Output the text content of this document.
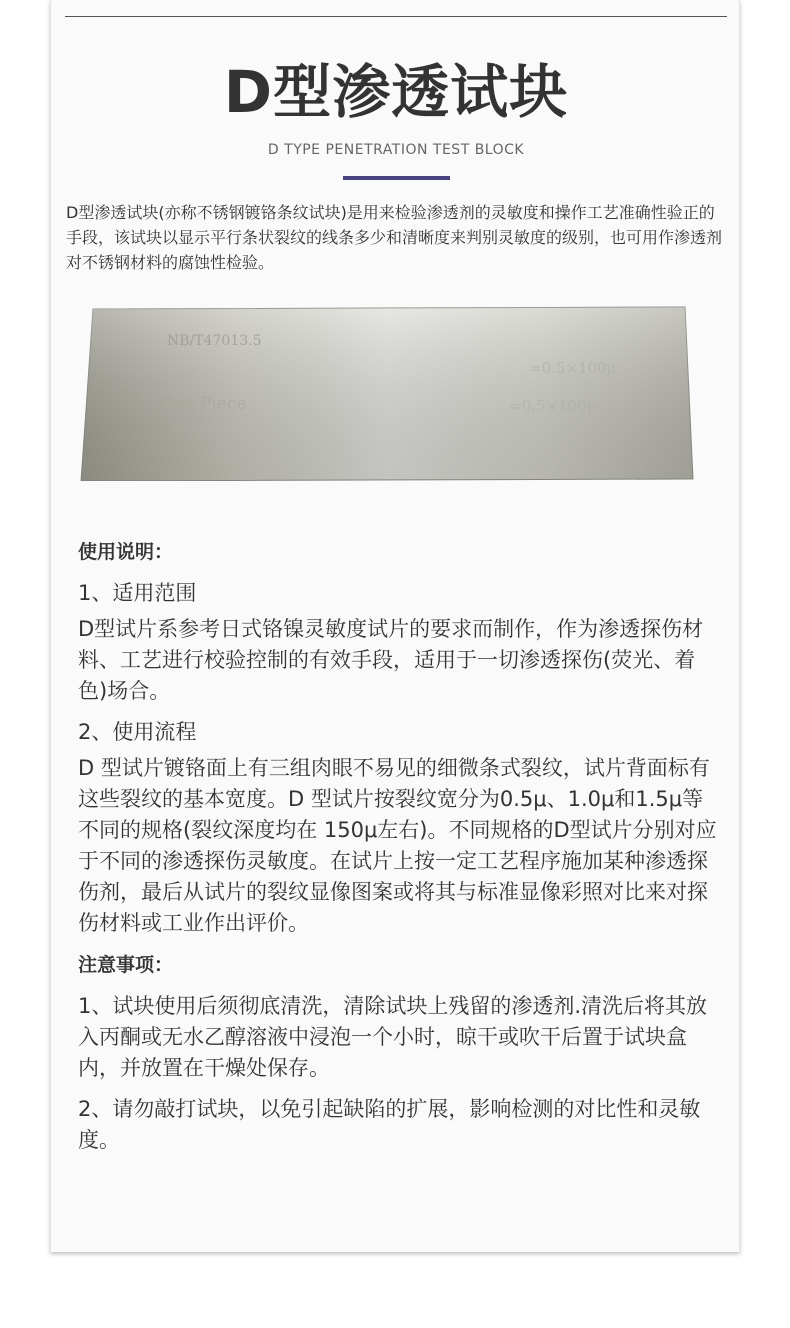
D型渗透试块
D TYPE PENETRATION TEST BLOCK
D型渗透试块(亦称不锈钢镀铬条纹试块)是用来检验渗透剂的灵敏度和操作工艺准确性验正的手段，该试块以显示平行条状裂纹的线条多少和清晰度来判别灵敏度的级别，也可用作渗透剂对不锈钢材料的腐蚀性检验。
NB/T47013.5
Test Piece
=0.5×100μ
=0.5×100μ
使用说明：
1、适用范围
D型试片系参考日式铬镍灵敏度试片的要求而制作，作为渗透探伤材料、工艺进行校验控制的有效手段，适用于一切渗透探伤(荧光、着色)场合。
2、使用流程
D 型试片镀铬面上有三组肉眼不易见的细微条式裂纹，试片背面标有这些裂纹的基本宽度。D 型试片按裂纹宽分为0.5μ、1.0μ和1.5μ等不同的规格(裂纹深度均在 150μ左右)。不同规格的D型试片分别对应于不同的渗透探伤灵敏度。在试片上按一定工艺程序施加某种渗透探伤剂，最后从试片的裂纹显像图案或将其与标准显像彩照对比来对探伤材料或工业作出评价。
注意事项：
1、试块使用后须彻底清洗，清除试块上残留的渗透剂.清洗后将其放入丙酮或无水乙醇溶液中浸泡一个小时，晾干或吹干后置于试块盒内，并放置在干燥处保存。
2、请勿敲打试块，以免引起缺陷的扩展，影响检测的对比性和灵敏度。
